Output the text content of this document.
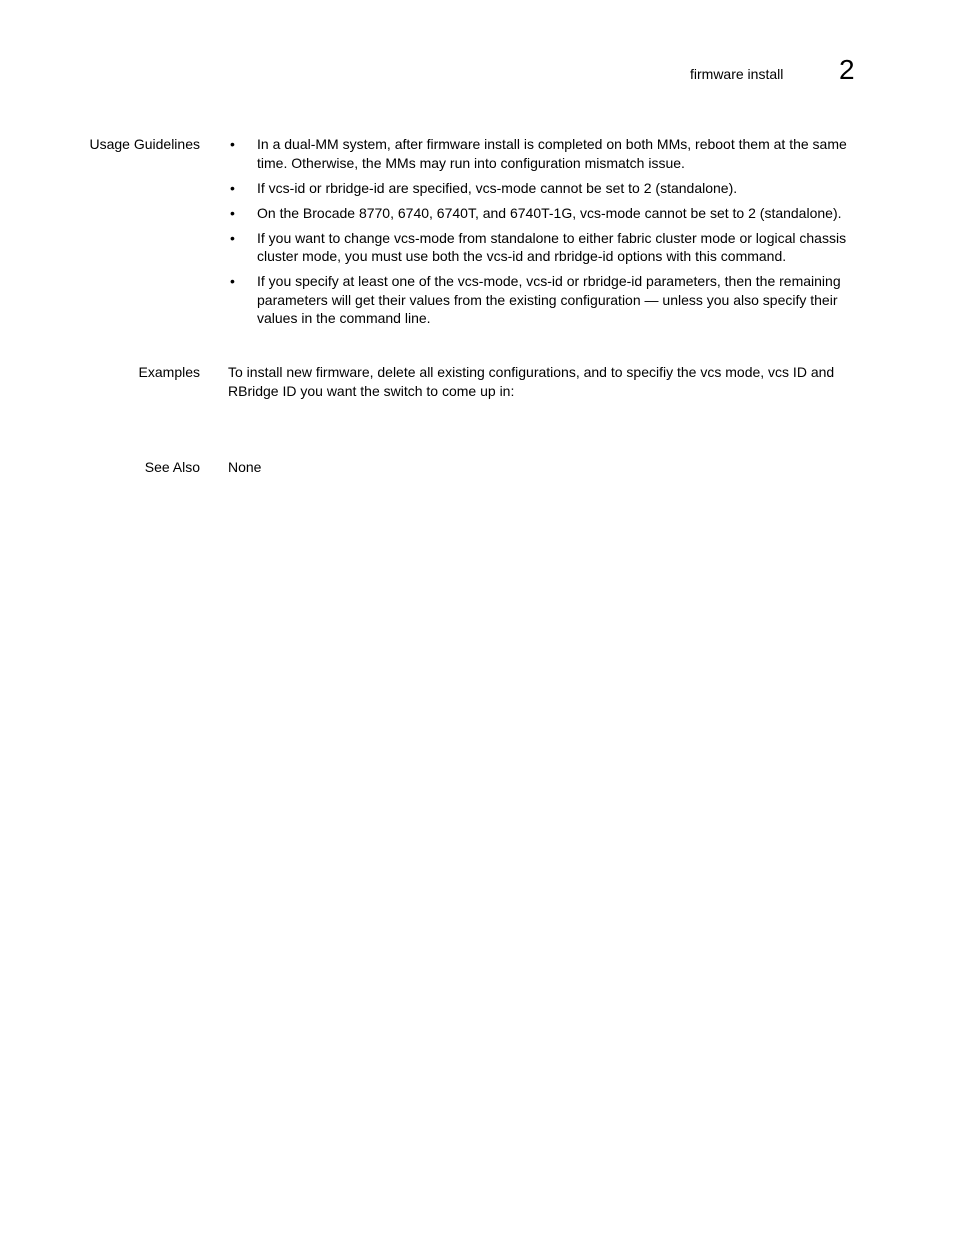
firmware install 2
Usage Guidelines • In a dual-MM system, after firmware install is completed on both MMs, reboot them at the same time. Otherwise, the MMs may run into configuration mismatch issue.
• If vcs-id or rbridge-id are specified, vcs-mode cannot be set to 2 (standalone).
• On the Brocade 8770, 6740, 6740T, and 6740T-1G, vcs-mode cannot be set to 2 (standalone).
• If you want to change vcs-mode from standalone to either fabric cluster mode or logical chassis cluster mode, you must use both the vcs-id and rbridge-id options with this command.
• If you specify at least one of the vcs-mode, vcs-id or rbridge-id parameters, then the remaining parameters will get their values from the existing configuration — unless you also specify their values in the command line.
Examples To install new firmware, delete all existing configurations, and to specifiy the vcs mode, vcs ID and RBridge ID you want the switch to come up in:

See Also None
